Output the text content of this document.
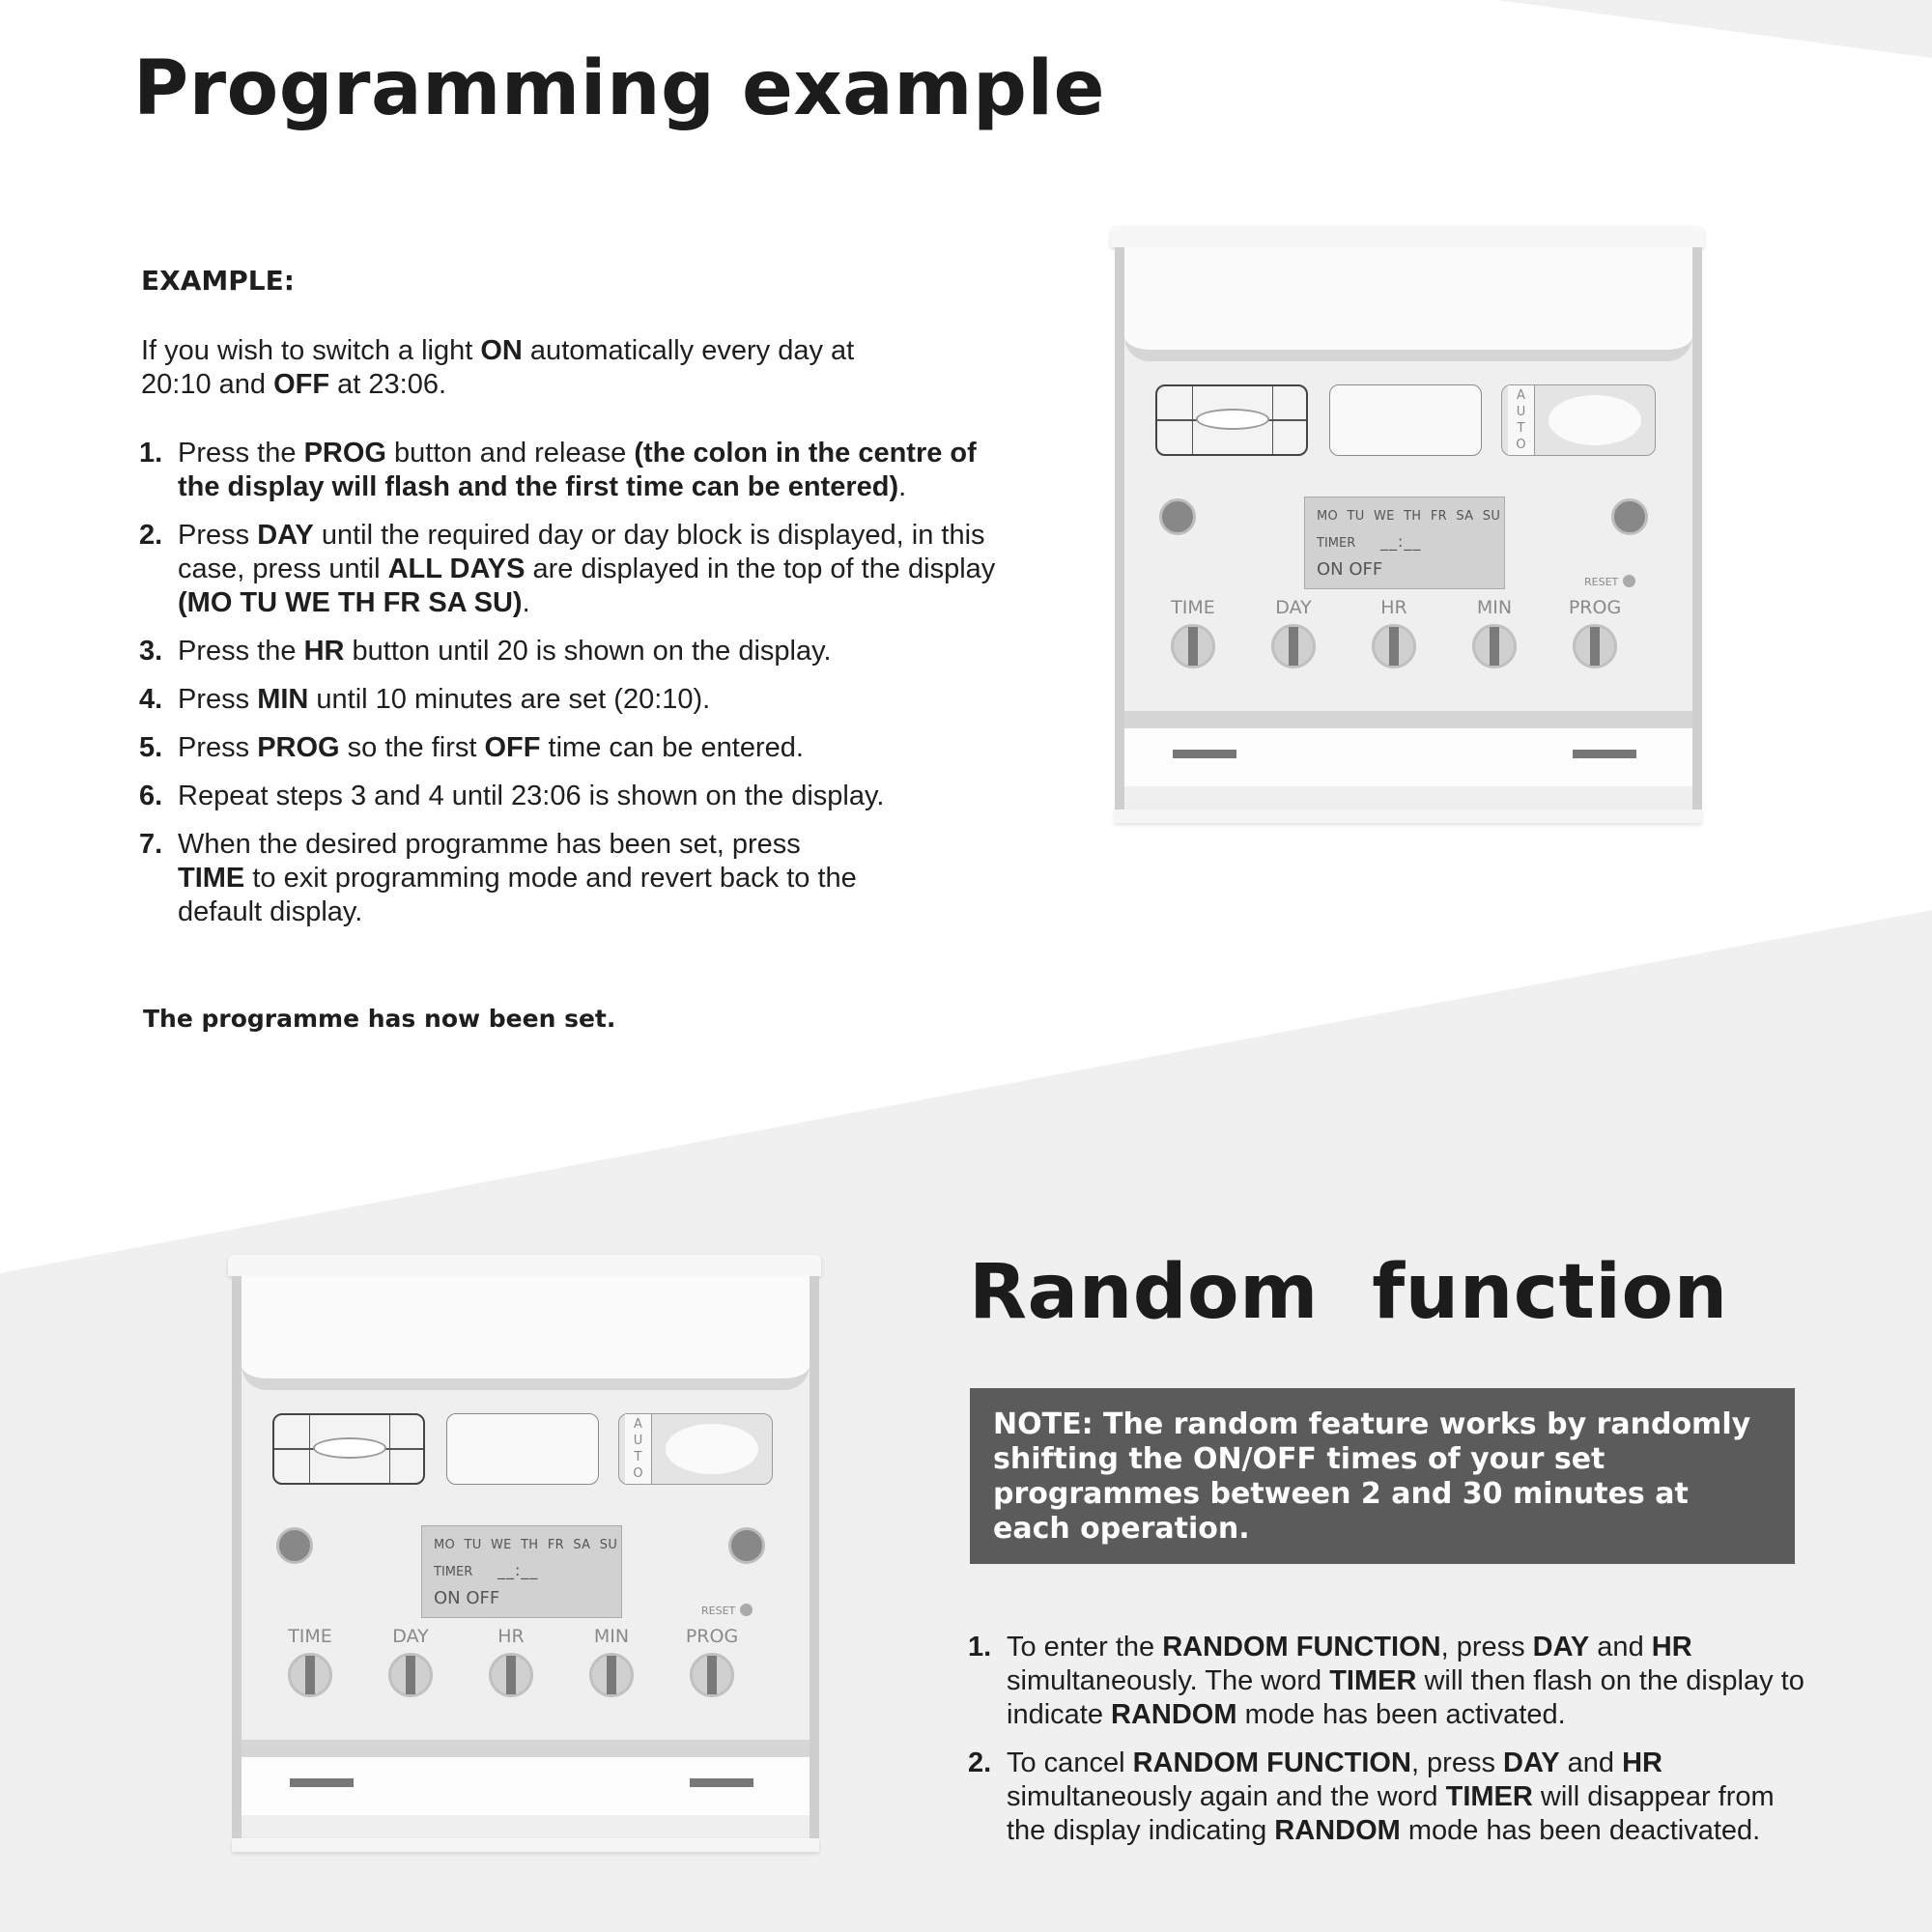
Programming example
EXAMPLE:
If you wish to switch a light ON automatically every day at 20:10 and OFF at 23:06.
1. Press the PROG button and release (the colon in the centre of the display will flash and the first time can be entered).
2. Press DAY until the required day or day block is displayed, in this case, press until ALL DAYS are displayed in the top of the display (MO TU WE TH FR SA SU).
3. Press the HR button until 20 is shown on the display.
4. Press MIN until 10 minutes are set (20:10).
5. Press PROG so the first OFF time can be entered.
6. Repeat steps 3 and 4 until 23:06 is shown on the display.
7. When the desired programme has been set, press TIME to exit programming mode and revert back to the default display.
The programme has now been set.
A
U
T
O
MO TU WE TH FR SA SU
TIMER __:__
ON OFF
RESET
TIME	DAY	HR	MIN	PROG
A
U
T
O
MO TU WE TH FR SA SU
TIMER __:__
ON OFF
RESET
TIME	DAY	HR	MIN	PROG
Random  function
NOTE: The random feature works by randomly shifting the ON/OFF times of your set programmes between 2 and 30 minutes at each operation.
1. To enter the RANDOM FUNCTION, press DAY and HR simultaneously. The word TIMER will then flash on the display to indicate RANDOM mode has been activated.
2. To cancel RANDOM FUNCTION, press DAY and HR simultaneously again and the word TIMER will disappear from the display indicating RANDOM mode has been deactivated.
